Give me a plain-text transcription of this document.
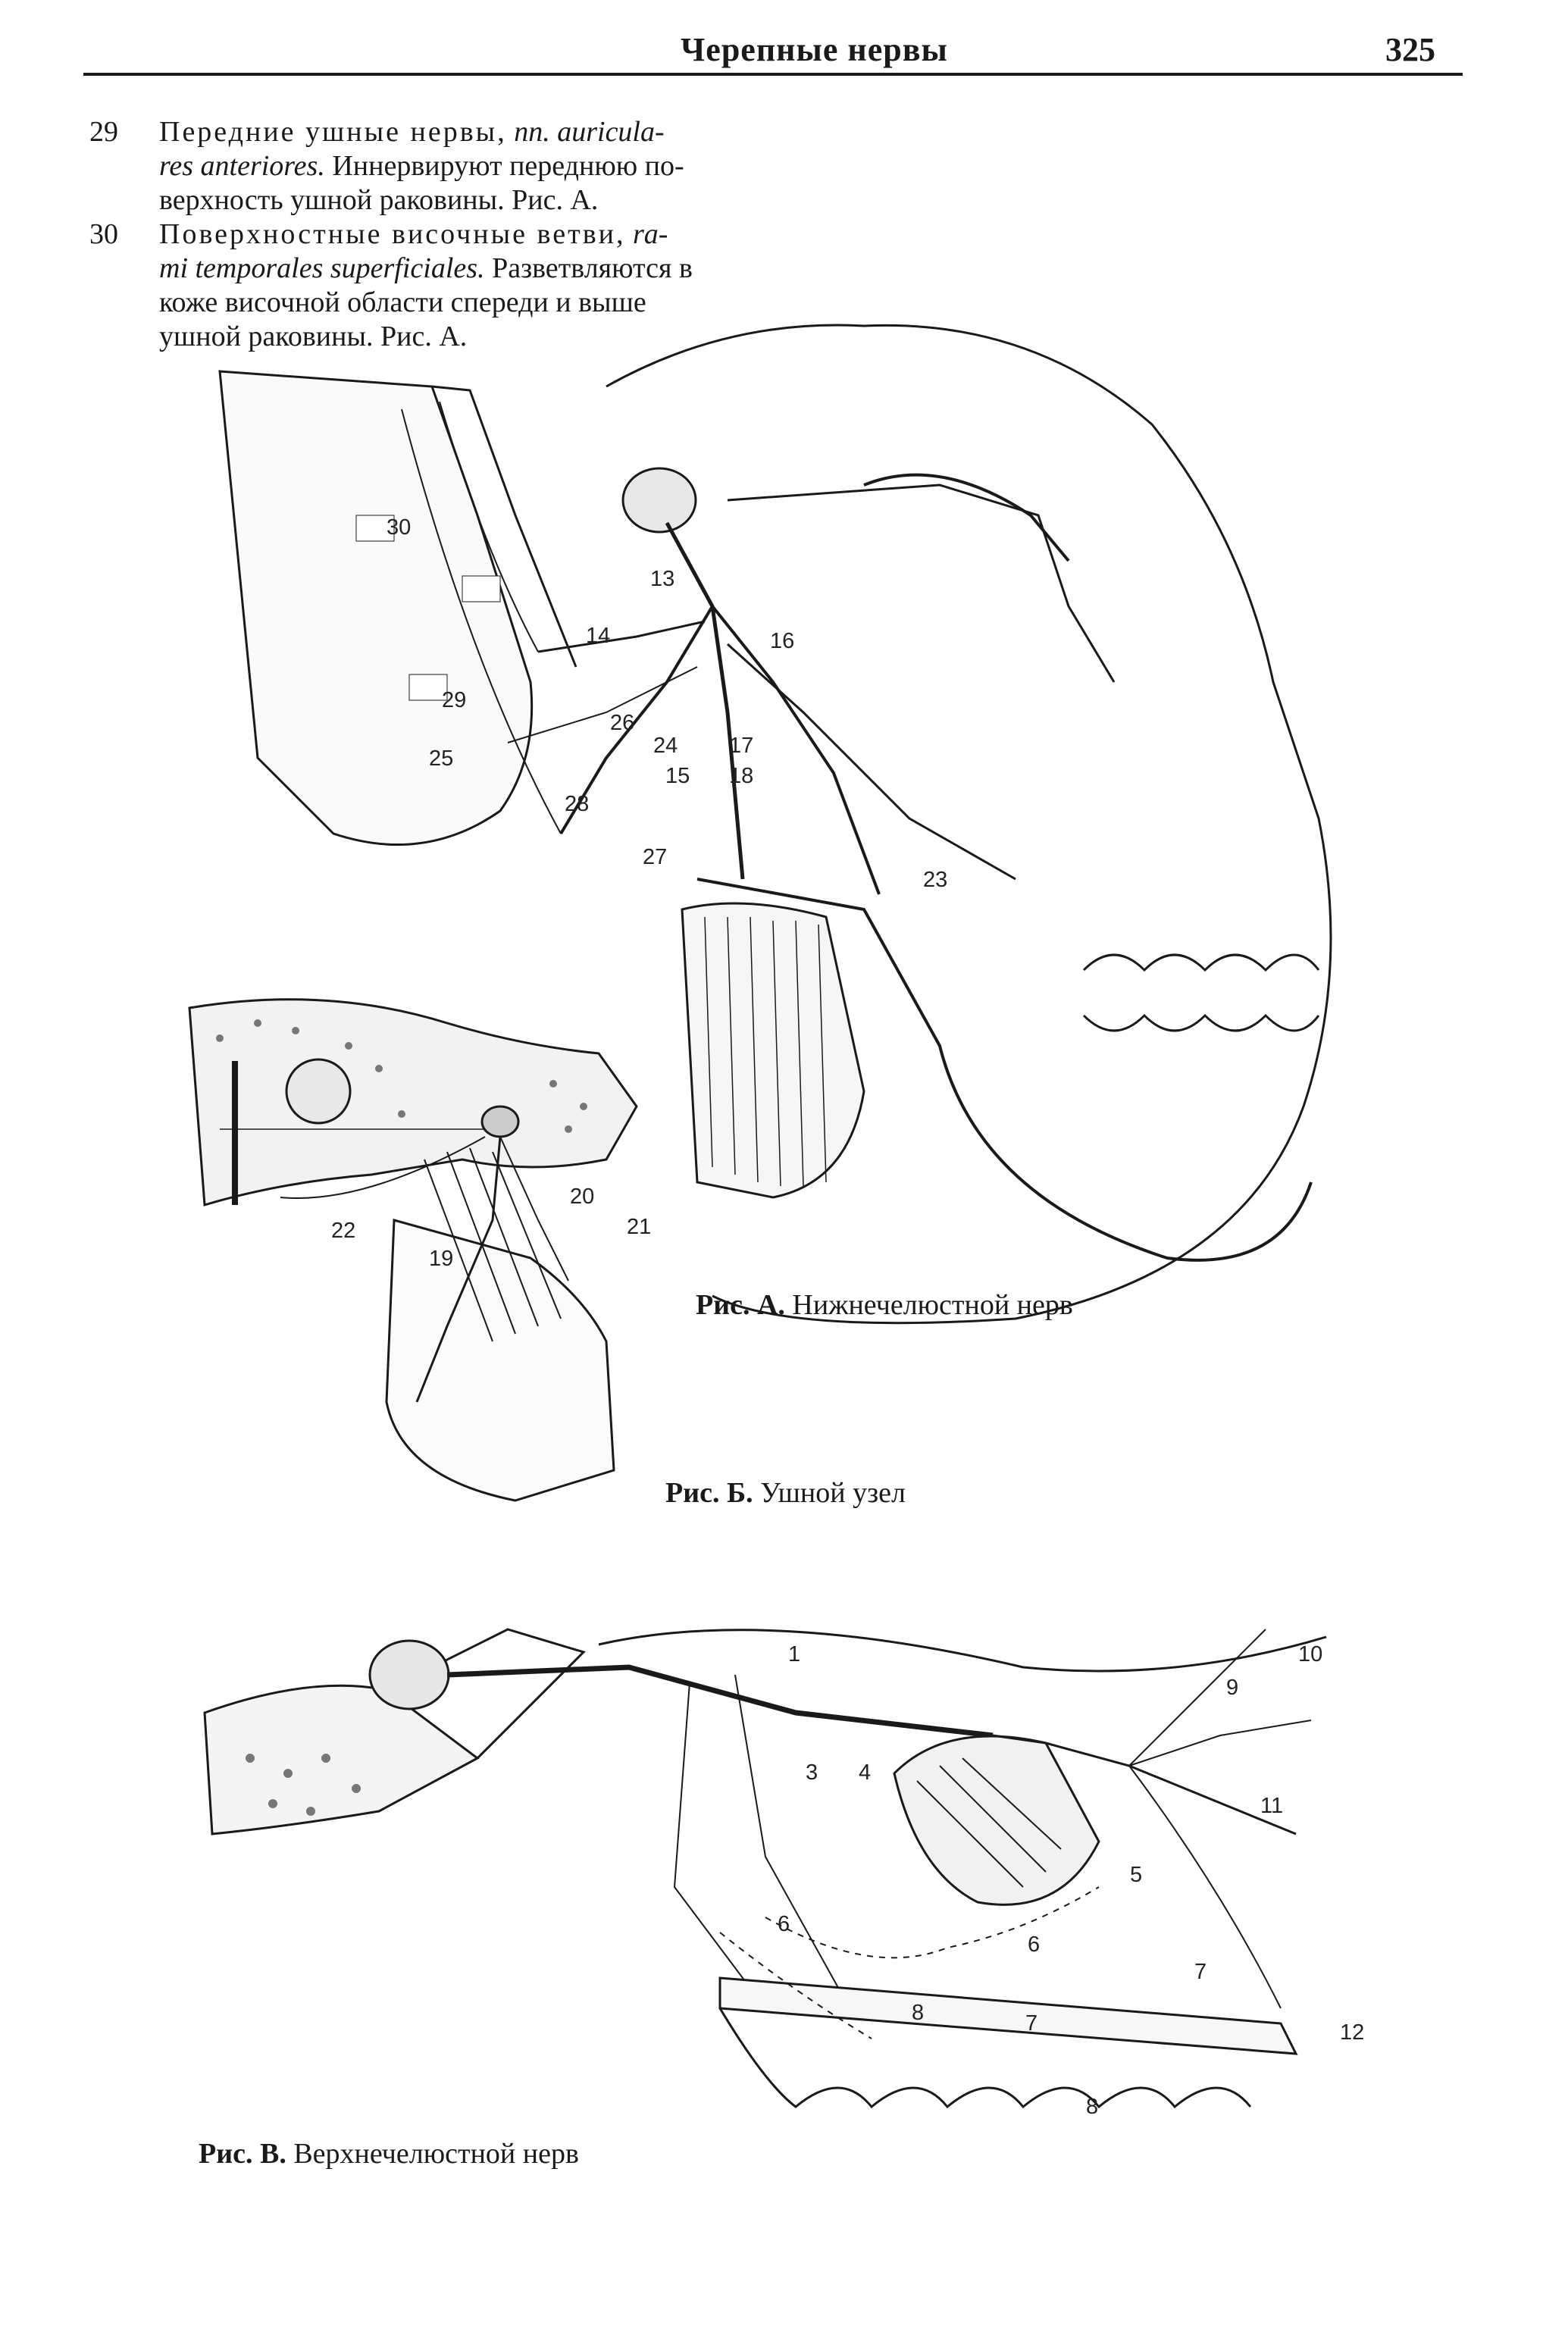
Черепные нервы	325
29	Передние ушные нервы, nn. auricula-

res anteriores. Иннервируют переднюю по-

верхность ушной раковины. Рис. А.

30	Поверхностные височные ветви, ra-

mi temporales superficiales. Разветвляются в

коже височной области спереди и выше

ушной раковины. Рис. А.

30
13
14	16
29
26
24 17
25
15 18
28
27
23
20
22
19
21
1	10
9
3 4
11
5
6
6
7
8	7	12
8
Рис. А. Нижнечелюстной нерв
Рис. Б. Ушной узел
Рис. В. Верхнечелюстной нерв
